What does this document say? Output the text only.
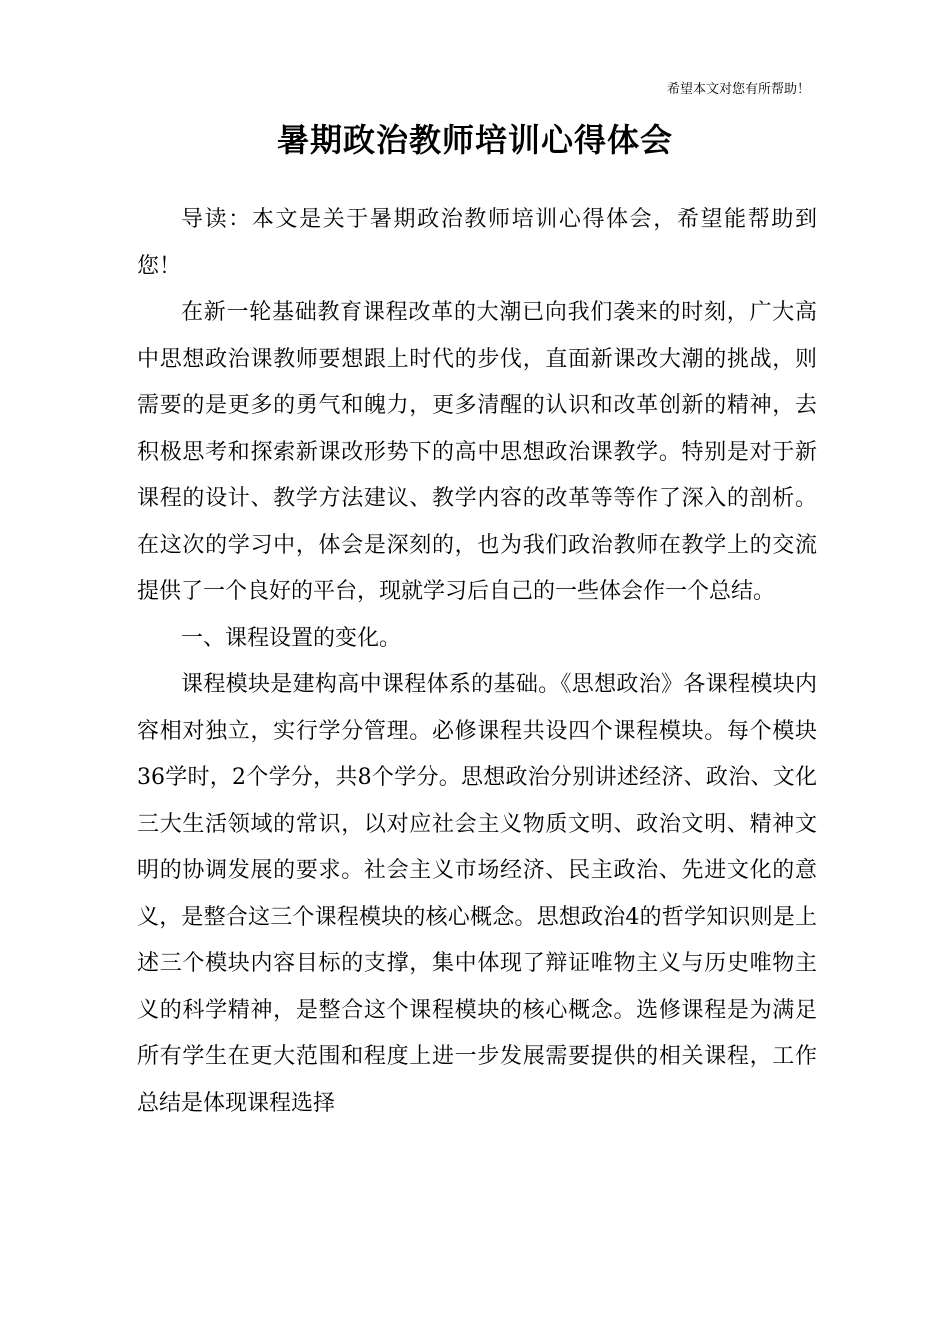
希望本文对您有所帮助！
暑期政治教师培训心得体会

导读：本文是关于暑期政治教师培训心得体会，希望能帮助到您！

在新一轮基础教育课程改革的大潮已向我们袭来的时刻，广大高中思想政治课教师要想跟上时代的步伐，直面新课改大潮的挑战，则需要的是更多的勇气和魄力，更多清醒的认识和改革创新的精神，去积极思考和探索新课改形势下的高中思想政治课教学。特别是对于新课程的设计、教学方法建议、教学内容的改革等等作了深入的剖析。在这次的学习中，体会是深刻的，也为我们政治教师在教学上的交流提供了一个良好的平台，现就学习后自己的一些体会作一个总结。

一、课程设置的变化。

课程模块是建构高中课程体系的基础。《思想政治》各课程模块内容相对独立，实行学分管理。必修课程共设四个课程模块。每个模块36学时，2个学分，共8个学分。思想政治分别讲述经济、政治、文化三大生活领域的常识，以对应社会主义物质文明、政治文明、精神文明的协调发展的要求。社会主义市场经济、民主政治、先进文化的意义，是整合这三个课程模块的核心概念。思想政治4的哲学知识则是上述三个模块内容目标的支撑，集中体现了辩证唯物主义与历史唯物主义的科学精神，是整合这个课程模块的核心概念。选修课程是为满足所有学生在更大范围和程度上进一步发展需要提供的相关课程，工作总结是体现课程选择
